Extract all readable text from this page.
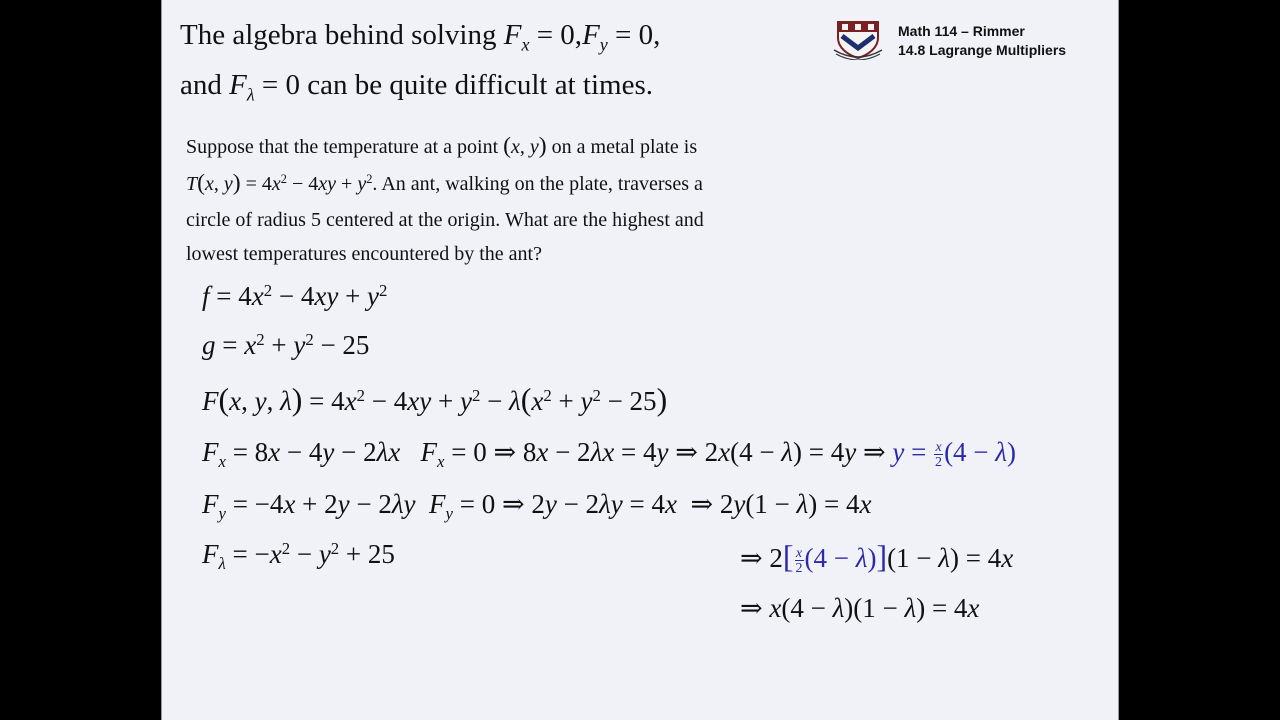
Math 114 – Rimmer
14.8 Lagrange Multipliers
The algebra behind solving $F_x = 0,F_y = 0$,
and $F_\lambda = 0$ can be quite difficult at times.
Suppose that the temperature at a point (x, y) on a metal plate is
T(x, $y) = 4x^2 - 4xy + y^2$. An ant, walking on the plate, traverses a
circle of radius 5 centered at the origin. What are the highest and
lowest temperatures encountered by the ant?
$f = 4x^2 - 4xy + y^2$
$g = x^2 + y^2 - 25$
F(x, y, $\lambda) = 4x^2 - 4xy + y^2 - \lambda(x^2 + y^2 - 25)$
$F_x = 8x - 4y - 2\lambda x$ $F_x = 0$ ⇒ 8x − 2λx = 4y ⇒ 2x(4 − λ) = 4y ⇒ $y = \frac{x}{2} (4 - \lambda)$
$F_y = -4x + 2y - 2\lambda y$ $F_y = 0$ ⇒ 2y − 2λy = 4x ⇒ 2y(1 − λ) = 4x
$F_\lambda = -x^2 - y^2 + 25$	⇒ $2[ \frac{x}{2} (4 - \lambda)](1 - \lambda) = 4x$
⇒ x(4 − λ)(1 − λ) = 4x
